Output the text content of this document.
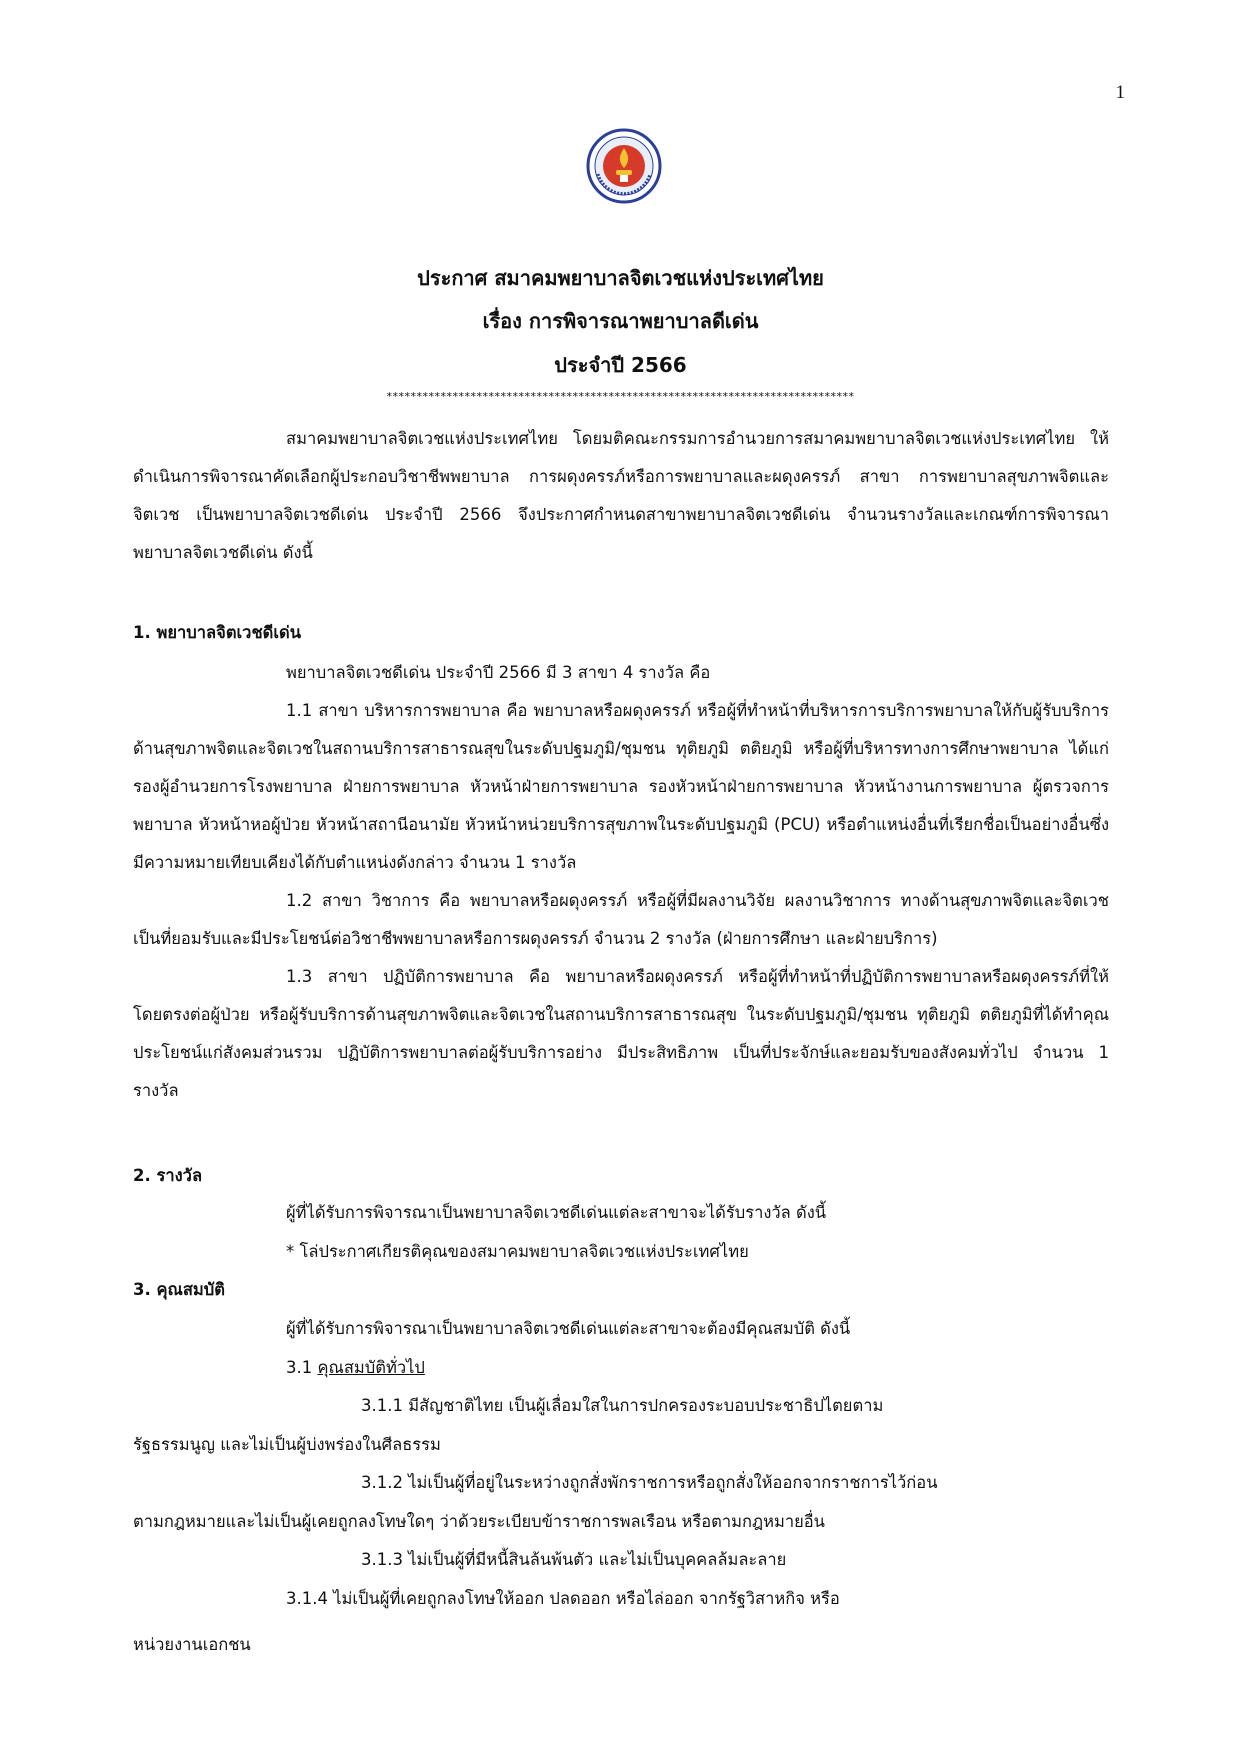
1
ประกาศ สมาคมพยาบาลจิตเวชแห่งประเทศไทย
เรื่อง การพิจารณาพยาบาลดีเด่น
ประจำปี 2566
******************************************************************************

สมาคมพยาบาลจิตเวชแห่งประเทศไทย โดยมติคณะกรรมการอำนวยการสมาคมพยาบาลจิตเวชแห่งประเทศไทย ให้ดำเนินการพิจารณาคัดเลือกผู้ประกอบวิชาชีพพยาบาล การผดุงครรภ์หรือการพยาบาลและผดุงครรภ์ สาขา การพยาบาลสุขภาพจิตและจิตเวช เป็นพยาบาลจิตเวชดีเด่น ประจำปี 2566 จึงประกาศกำหนดสาขาพยาบาลจิตเวชดีเด่น จำนวนรางวัลและเกณฑ์การพิจารณาพยาบาลจิตเวชดีเด่น ดังนี้

1. พยาบาลจิตเวชดีเด่น
พยาบาลจิตเวชดีเด่น ประจำปี 2566 มี 3 สาขา 4 รางวัล คือ

1.1 สาขา บริหารการพยาบาล คือ พยาบาลหรือผดุงครรภ์ หรือผู้ที่ทำหน้าที่บริหารการบริการพยาบาลให้กับผู้รับบริการ ด้านสุขภาพจิตและจิตเวชในสถานบริการสาธารณสุขในระดับปฐมภูมิ/ชุมชน ทุติยภูมิ ตติยภูมิ หรือผู้ที่บริหารทางการศึกษาพยาบาล ได้แก่ รองผู้อำนวยการโรงพยาบาล ฝ่ายการพยาบาล หัวหน้าฝ่ายการพยาบาล รองหัวหน้าฝ่ายการพยาบาล หัวหน้างานการพยาบาล ผู้ตรวจการพยาบาล หัวหน้าหอผู้ป่วย หัวหน้าสถานีอนามัย หัวหน้าหน่วยบริการสุขภาพในระดับปฐมภูมิ (PCU) หรือตำแหน่งอื่นที่เรียกชื่อเป็นอย่างอื่นซึ่งมีความหมายเทียบเคียงได้กับตำแหน่งดังกล่าว จำนวน 1 รางวัล

1.2 สาขา วิชาการ คือ พยาบาลหรือผดุงครรภ์ หรือผู้ที่มีผลงานวิจัย ผลงานวิชาการ ทางด้านสุขภาพจิตและจิตเวช เป็นที่ยอมรับและมีประโยชน์ต่อวิชาชีพพยาบาลหรือการผดุงครรภ์ จำนวน 2 รางวัล (ฝ่ายการศึกษา และฝ่ายบริการ)

1.3 สาขา ปฏิบัติการพยาบาล คือ พยาบาลหรือผดุงครรภ์ หรือผู้ที่ทำหน้าที่ปฏิบัติการพยาบาลหรือผดุงครรภ์ที่ให้โดยตรงต่อผู้ป่วย หรือผู้รับบริการด้านสุขภาพจิตและจิตเวชในสถานบริการสาธารณสุข ในระดับปฐมภูมิ/ชุมชน ทุติยภูมิ ตติยภูมิที่ได้ทำคุณประโยชน์แก่สังคมส่วนรวม ปฏิบัติการพยาบาลต่อผู้รับบริการอย่าง มีประสิทธิภาพ เป็นที่ประจักษ์และยอมรับของสังคมทั่วไป จำนวน 1 รางวัล

2. รางวัล
ผู้ที่ได้รับการพิจารณาเป็นพยาบาลจิตเวชดีเด่นแต่ละสาขาจะได้รับรางวัล ดังนี้
* โล่ประกาศเกียรติคุณของสมาคมพยาบาลจิตเวชแห่งประเทศไทย
3. คุณสมบัติ
ผู้ที่ได้รับการพิจารณาเป็นพยาบาลจิตเวชดีเด่นแต่ละสาขาจะต้องมีคุณสมบัติ ดังนี้
3.1 คุณสมบัติทั่วไป
3.1.1 มีสัญชาติไทย เป็นผู้เลื่อมใสในการปกครองระบอบประชาธิปไตยตาม
รัฐธรรมนูญ และไม่เป็นผู้บ่งพร่องในศีลธรรม
3.1.2 ไม่เป็นผู้ที่อยู่ในระหว่างถูกสั่งพักราชการหรือถูกสั่งให้ออกจากราชการไว้ก่อน
ตามกฎหมายและไม่เป็นผู้เคยถูกลงโทษใดๆ ว่าด้วยระเบียบข้าราชการพลเรือน หรือตามกฎหมายอื่น
3.1.3 ไม่เป็นผู้ที่มีหนี้สินล้นพ้นตัว และไม่เป็นบุคคลล้มละลาย
3.1.4 ไม่เป็นผู้ที่เคยถูกลงโทษให้ออก ปลดออก หรือไล่ออก จากรัฐวิสาหกิจ หรือ
หน่วยงานเอกชน
